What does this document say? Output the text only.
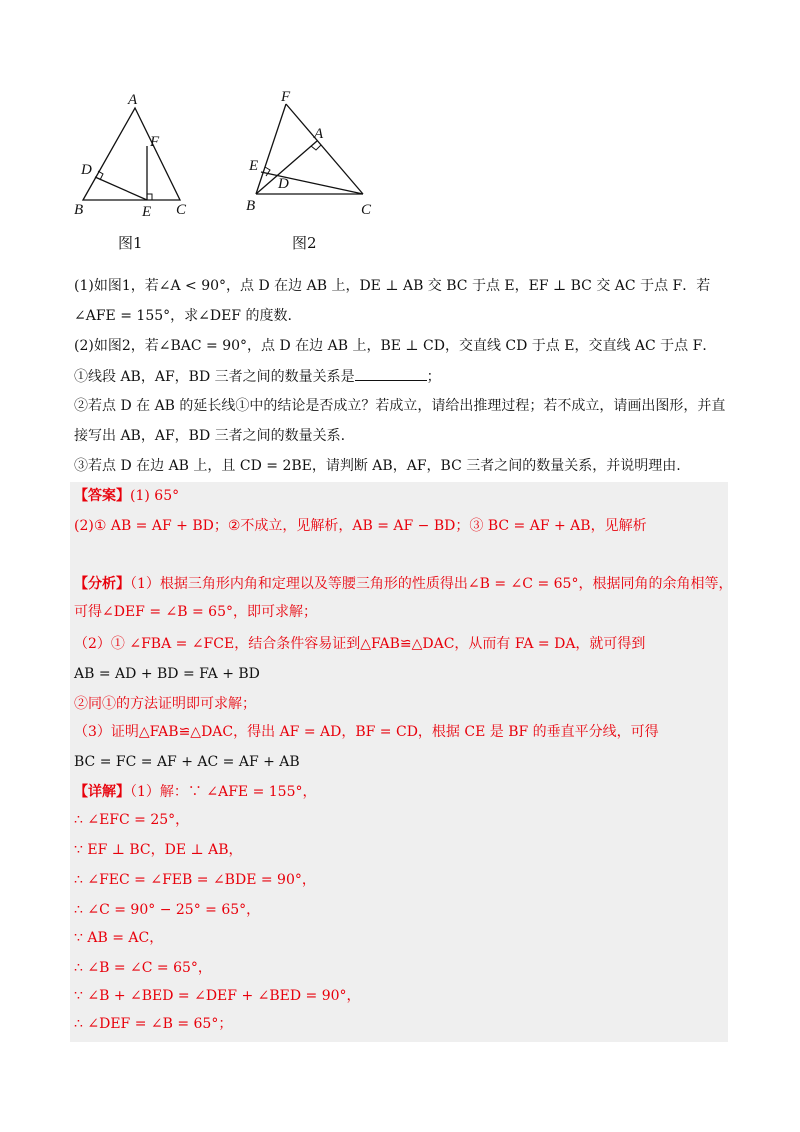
A
B	C
D
E
F
图1
F
A
E
D
B	C
图2
(1)如图1，若∠A < 90°，点 D 在边 AB 上，DE ⊥ AB 交 BC 于点 E，EF ⊥ BC 交 AC 于点 F．若
∠AFE = 155°，求∠DEF 的度数.
(2)如图2，若∠BAC = 90°，点 D 在边 AB 上，BE ⊥ CD，交直线 CD 于点 E，交直线 AC 于点 F．
①线段 AB，AF，BD 三者之间的数量关系是	；
②若点 D 在 AB 的延长线①中的结论是否成立？若成立，请给出推理过程；若不成立，请画出图形，并直
接写出 AB，AF，BD 三者之间的数量关系.
③若点 D 在边 AB 上，且 CD = 2BE，请判断 AB，AF，BC 三者之间的数量关系，并说明理由.
【答案】(1) 65°
(2)① AB = AF + BD；②不成立，见解析，AB = AF − BD；③ BC = AF + AB，见解析
【分析】（1）根据三角形内角和定理以及等腰三角形的性质得出∠B = ∠C = 65°，根据同角的余角相等，
可得∠DEF = ∠B = 65°，即可求解；
（2）① ∠FBA = ∠FCE，结合条件容易证到△FAB≌△DAC，从而有 FA = DA，就可得到
AB = AD + BD = FA + BD
②同①的方法证明即可求解；
（3）证明△FAB≌△DAC，得出 AF = AD，BF = CD，根据 CE 是 BF 的垂直平分线，可得
BC = FC = AF + AC = AF + AB
【详解】（1）解：∵ ∠AFE = 155°，
∴ ∠EFC = 25°，
∵ EF ⊥ BC，DE ⊥ AB，
∴ ∠FEC = ∠FEB = ∠BDE = 90°，
∴ ∠C = 90° − 25° = 65°，
∵ AB = AC，
∴ ∠B = ∠C = 65°，
∵ ∠B + ∠BED = ∠DEF + ∠BED = 90°，
∴ ∠DEF = ∠B = 65°；
